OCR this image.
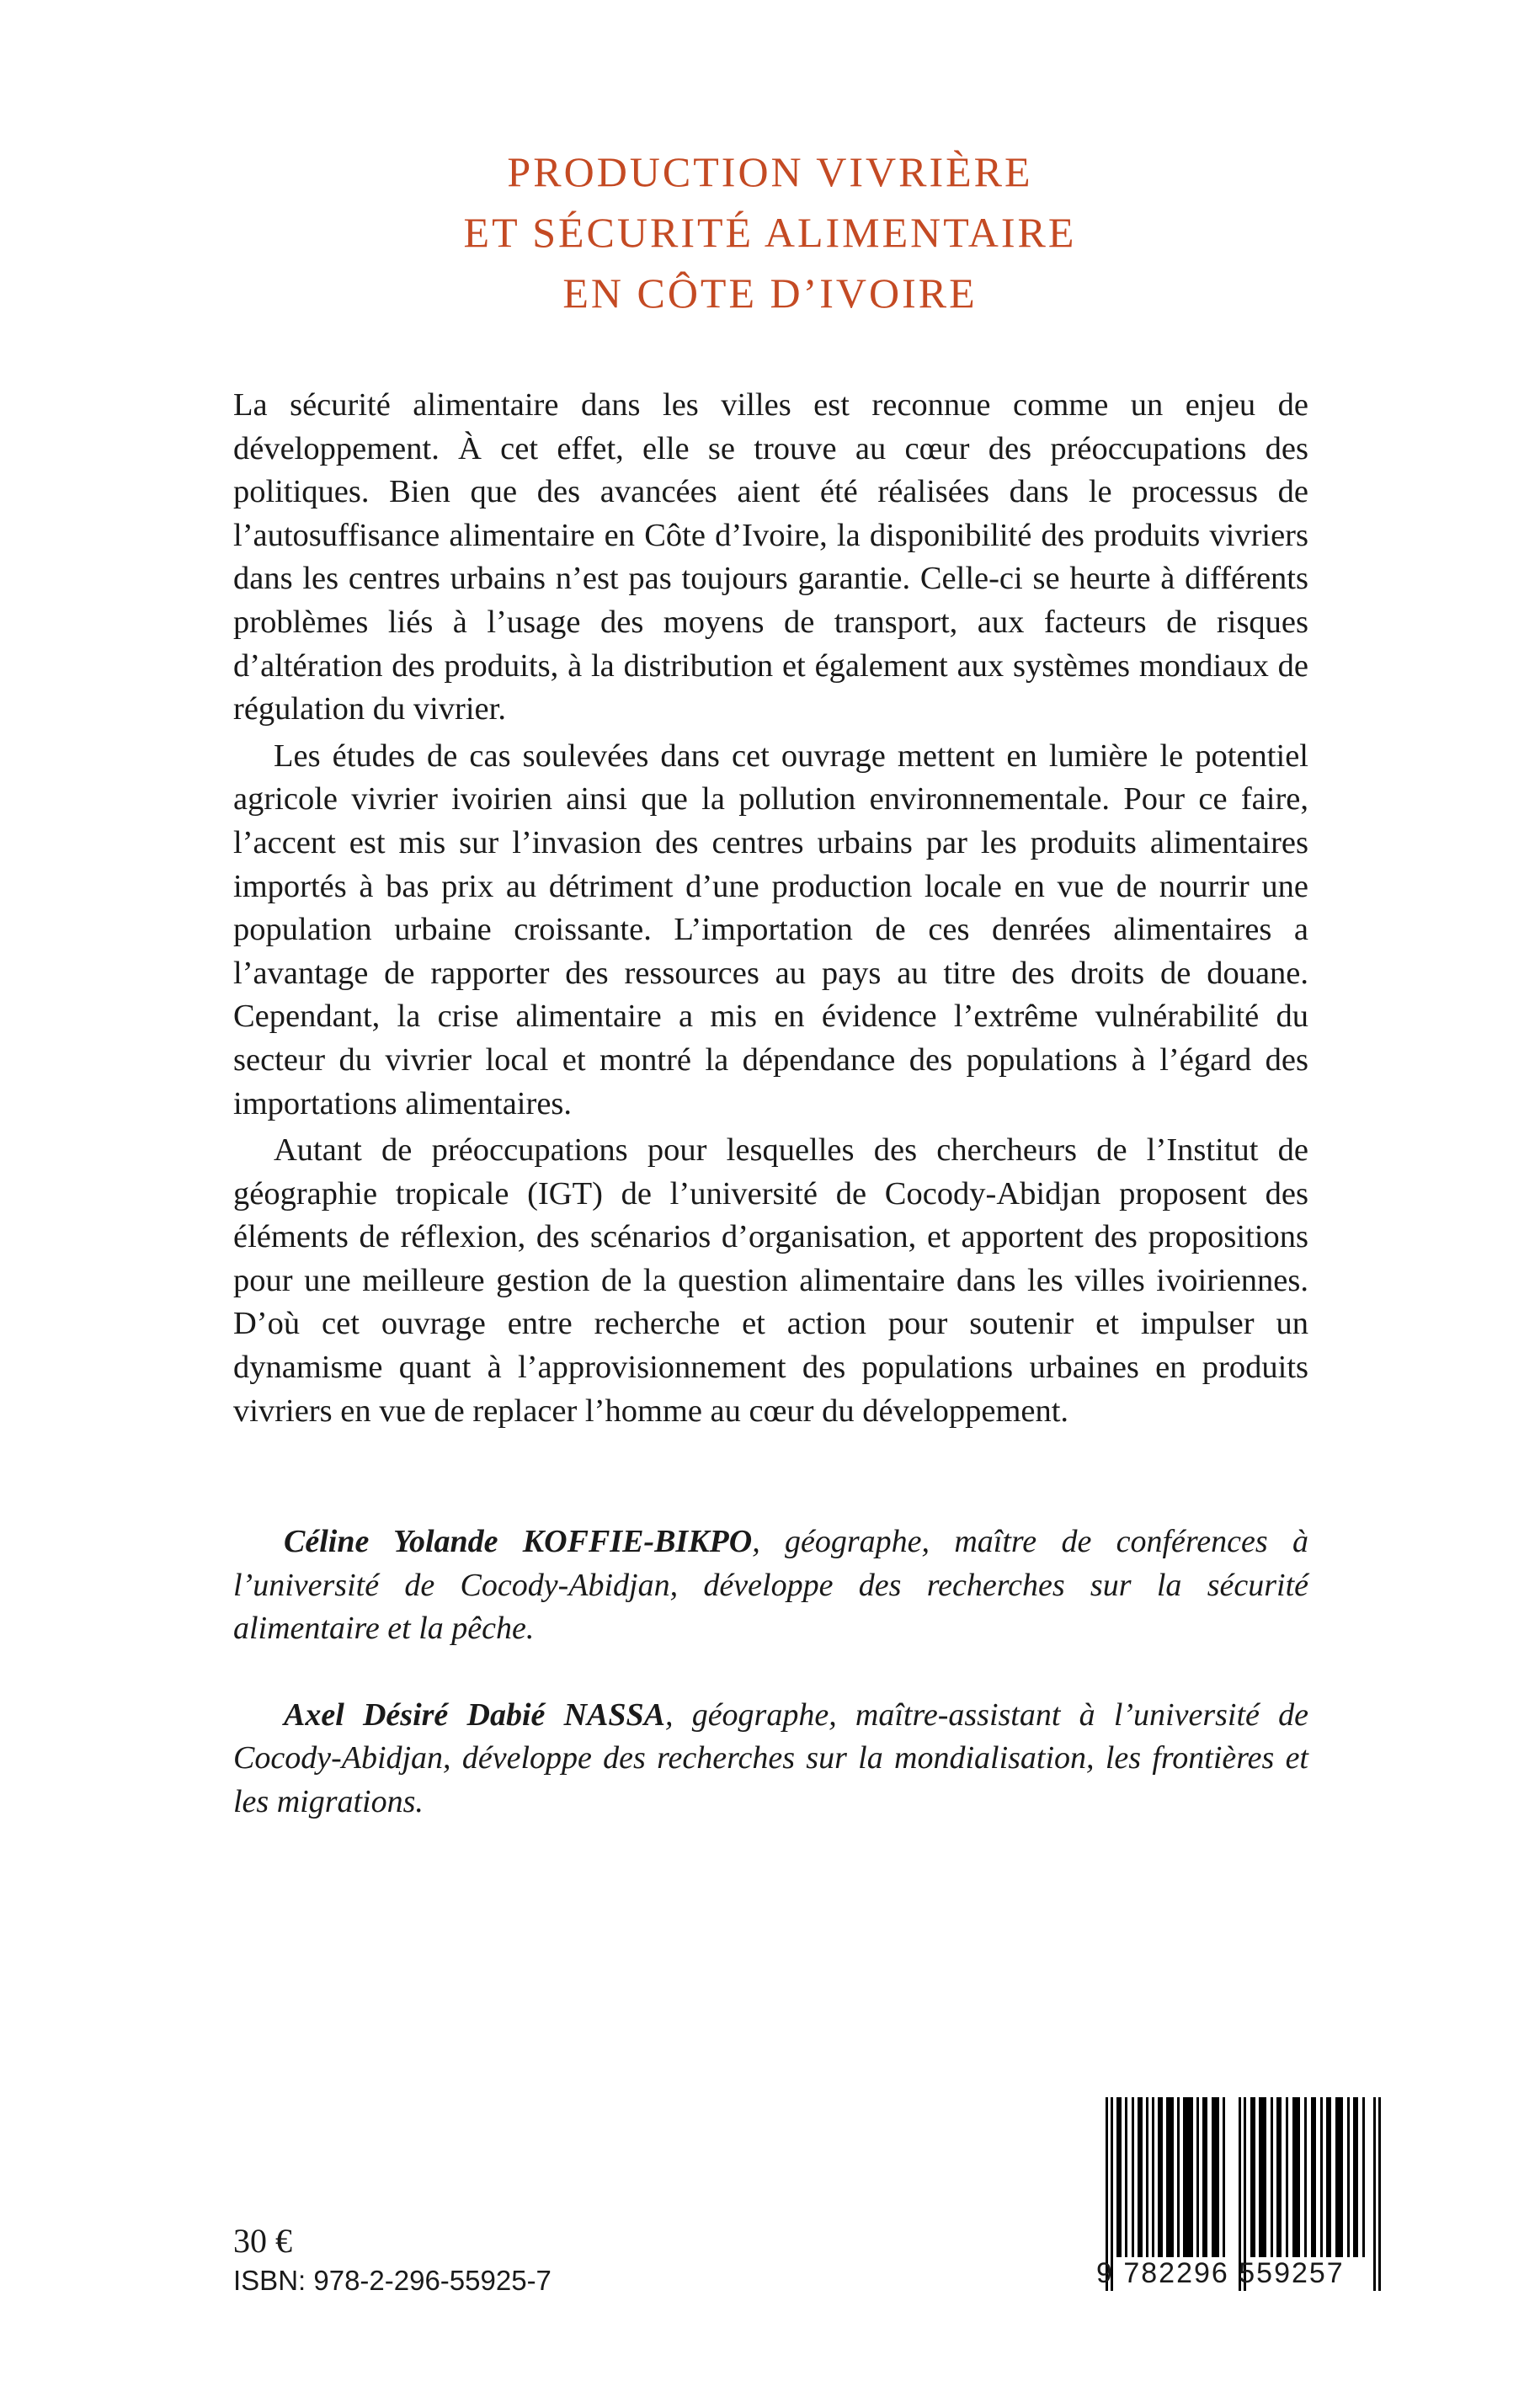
PRODUCTION VIVRIÈRE
ET SÉCURITÉ ALIMENTAIRE
EN CÔTE D’IVOIRE

La sécurité alimentaire dans les villes est reconnue comme un enjeu de développement. À cet effet, elle se trouve au cœur des préoccupations des politiques. Bien que des avancées aient été réalisées dans le processus de l’autosuffisance alimentaire en Côte d’Ivoire, la disponibilité des produits vivriers dans les centres urbains n’est pas toujours garantie. Celle-ci se heurte à différents problèmes liés à l’usage des moyens de transport, aux facteurs de risques d’altération des produits, à la distribution et également aux systèmes mondiaux de régulation du vivrier.

Les études de cas soulevées dans cet ouvrage mettent en lumière le potentiel agricole vivrier ivoirien ainsi que la pollution environnementale. Pour ce faire, l’accent est mis sur l’invasion des centres urbains par les produits alimentaires importés à bas prix au détriment d’une production locale en vue de nourrir une population urbaine croissante. L’importation de ces denrées alimentaires a l’avantage de rapporter des ressources au pays au titre des droits de douane. Cependant, la crise alimentaire a mis en évidence l’extrême vulnérabilité du secteur du vivrier local et montré la dépendance des populations à l’égard des importations alimentaires.

Autant de préoccupations pour lesquelles des chercheurs de l’Institut de géographie tropicale (IGT) de l’université de Cocody-Abidjan proposent des éléments de réflexion, des scénarios d’organisation, et apportent des propositions pour une meilleure gestion de la question alimentaire dans les villes ivoiriennes. D’où cet ouvrage entre recherche et action pour soutenir et impulser un dynamisme quant à l’approvisionnement des populations urbaines en produits vivriers en vue de replacer l’homme au cœur du développement.

Céline Yolande KOFFIE-BIKPO, géographe, maître de conférences à l’université de Cocody-Abidjan, développe des recherches sur la sécurité alimentaire et la pêche.

Axel Désiré Dabié NASSA, géographe, maître-assistant à l’université de Cocody-Abidjan, développe des recherches sur la mondialisation, les frontières et les migrations.

30 €
ISBN: 978-2-296-55925-7	9 782296 559257
